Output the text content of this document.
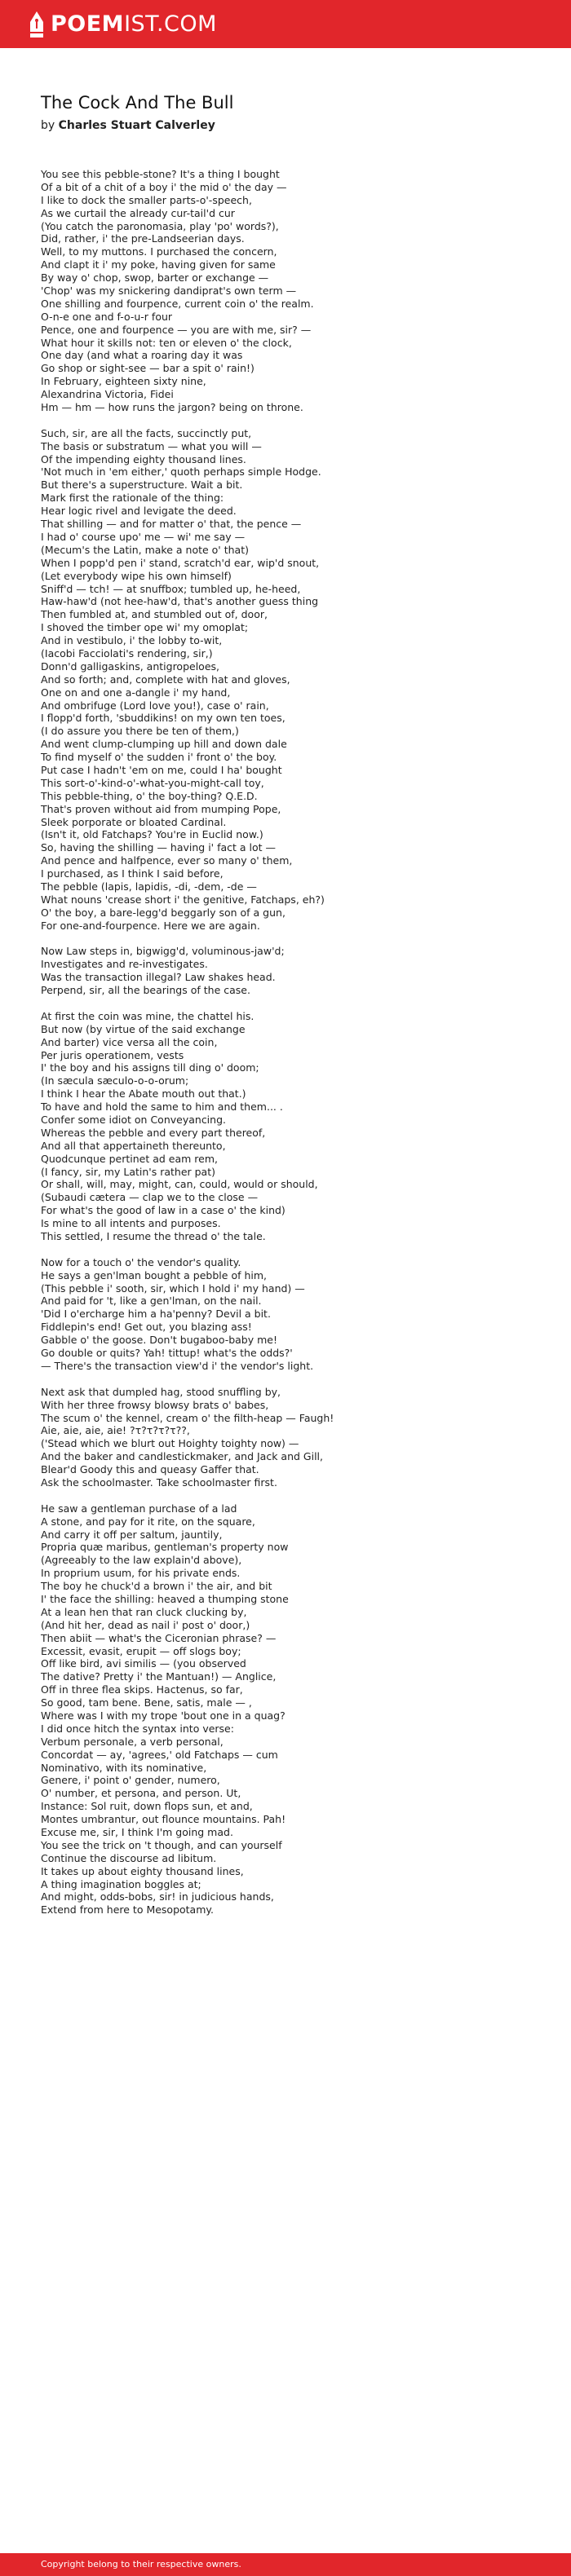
POEMIST.COM
The Cock And The Bull
by Charles Stuart Calverley
You see this pebble-stone? It's a thing I bought
Of a bit of a chit of a boy i' the mid o' the day —
I like to dock the smaller parts-o'-speech,
As we curtail the already cur-tail'd cur
(You catch the paronomasia, play 'po' words?),
Did, rather, i' the pre-Landseerian days.
Well, to my muttons. I purchased the concern,
And clapt it i' my poke, having given for same
By way o' chop, swop, barter or exchange —
'Chop' was my snickering dandiprat's own term —
One shilling and fourpence, current coin o' the realm.
O-n-e one and f-o-u-r four
Pence, one and fourpence — you are with me, sir? —
What hour it skills not: ten or eleven o' the clock,
One day (and what a roaring day it was
Go shop or sight-see — bar a spit o' rain!)
In February, eighteen sixty nine,
Alexandrina Victoria, Fidei
Hm — hm — how runs the jargon? being on throne.
Such, sir, are all the facts, succinctly put,
The basis or substratum — what you will —
Of the impending eighty thousand lines.
'Not much in 'em either,' quoth perhaps simple Hodge.
But there's a superstructure. Wait a bit.
Mark first the rationale of the thing:
Hear logic rivel and levigate the deed.
That shilling — and for matter o' that, the pence —
I had o' course upo' me — wi' me say —
(Mecum's the Latin, make a note o' that)
When I popp'd pen i' stand, scratch'd ear, wip'd snout,
(Let everybody wipe his own himself)
Sniff'd — tch! — at snuffbox; tumbled up, he-heed,
Haw-haw'd (not hee-haw'd, that's another guess thing
Then fumbled at, and stumbled out of, door,
I shoved the timber ope wi' my omoplat;
And in vestibulo, i' the lobby to-wit,
(Iacobi Facciolati's rendering, sir,)
Donn'd galligaskins, antigropeloes,
And so forth; and, complete with hat and gloves,
One on and one a-dangle i' my hand,
And ombrifuge (Lord love you!), case o' rain,
I flopp'd forth, 'sbuddikins! on my own ten toes,
(I do assure you there be ten of them,)
And went clump-clumping up hill and down dale
To find myself o' the sudden i' front o' the boy.
Put case I hadn't 'em on me, could I ha' bought
This sort-o'-kind-o'-what-you-might-call toy,
This pebble-thing, o' the boy-thing? Q.E.D.
That's proven without aid from mumping Pope,
Sleek porporate or bloated Cardinal.
(Isn't it, old Fatchaps? You're in Euclid now.)
So, having the shilling — having i' fact a lot —
And pence and halfpence, ever so many o' them,
I purchased, as I think I said before,
The pebble (lapis, lapidis, -di, -dem, -de —
What nouns 'crease short i' the genitive, Fatchaps, eh?)
O' the boy, a bare-legg'd beggarly son of a gun,
For one-and-fourpence. Here we are again.
Now Law steps in, bigwigg'd, voluminous-jaw'd;
Investigates and re-investigates.
Was the transaction illegal? Law shakes head.
Perpend, sir, all the bearings of the case.
At first the coin was mine, the chattel his.
But now (by virtue of the said exchange
And barter) vice versa all the coin,
Per juris operationem, vests
I' the boy and his assigns till ding o' doom;
(In sæcula sæculo-o-o-orum;
I think I hear the Abate mouth out that.)
To have and hold the same to him and them... .
Confer some idiot on Conveyancing.
Whereas the pebble and every part thereof,
And all that appertaineth thereunto,
Quodcunque pertinet ad eam rem,
(I fancy, sir, my Latin's rather pat)
Or shall, will, may, might, can, could, would or should,
(Subaudi cætera — clap we to the close —
For what's the good of law in a case o' the kind)
Is mine to all intents and purposes.
This settled, I resume the thread o' the tale.
Now for a touch o' the vendor's quality.
He says a gen'lman bought a pebble of him,
(This pebble i' sooth, sir, which I hold i' my hand) —
And paid for 't, like a gen'lman, on the nail.
'Did I o'ercharge him a ha'penny? Devil a bit.
Fiddlepin's end! Get out, you blazing ass!
Gabble o' the goose. Don't bugaboo-baby me!
Go double or quits? Yah! tittup! what's the odds?'
— There's the transaction view'd i' the vendor's light.
Next ask that dumpled hag, stood snuffling by,
With her three frowsy blowsy brats o' babes,
The scum o' the kennel, cream o' the filth-heap — Faugh!
Aie, aie, aie, aie! ?τ?τ?τ?τ??,
('Stead which we blurt out Hoighty toighty now) —
And the baker and candlestickmaker, and Jack and Gill,
Blear'd Goody this and queasy Gaffer that.
Ask the schoolmaster. Take schoolmaster first.
He saw a gentleman purchase of a lad
A stone, and pay for it rite, on the square,
And carry it off per saltum, jauntily,
Propria quæ maribus, gentleman's property now
(Agreeably to the law explain'd above),
In proprium usum, for his private ends.
The boy he chuck'd a brown i' the air, and bit
I' the face the shilling: heaved a thumping stone
At a lean hen that ran cluck clucking by,
(And hit her, dead as nail i' post o' door,)
Then abiit — what's the Ciceronian phrase? —
Excessit, evasit, erupit — off slogs boy;
Off like bird, avi similis — (you observed
The dative? Pretty i' the Mantuan!) — Anglice,
Off in three flea skips. Hactenus, so far,
So good, tam bene. Bene, satis, male — ,
Where was I with my trope 'bout one in a quag?
I did once hitch the syntax into verse:
Verbum personale, a verb personal,
Concordat — ay, 'agrees,' old Fatchaps — cum
Nominativo, with its nominative,
Genere, i' point o' gender, numero,
O' number, et persona, and person. Ut,
Instance: Sol ruit, down flops sun, et and,
Montes umbrantur, out flounce mountains. Pah!
Excuse me, sir, I think I'm going mad.
You see the trick on 't though, and can yourself
Continue the discourse ad libitum.
It takes up about eighty thousand lines,
A thing imagination boggles at;
And might, odds-bobs, sir! in judicious hands,
Extend from here to Mesopotamy.
Copyright belong to their respective owners.
